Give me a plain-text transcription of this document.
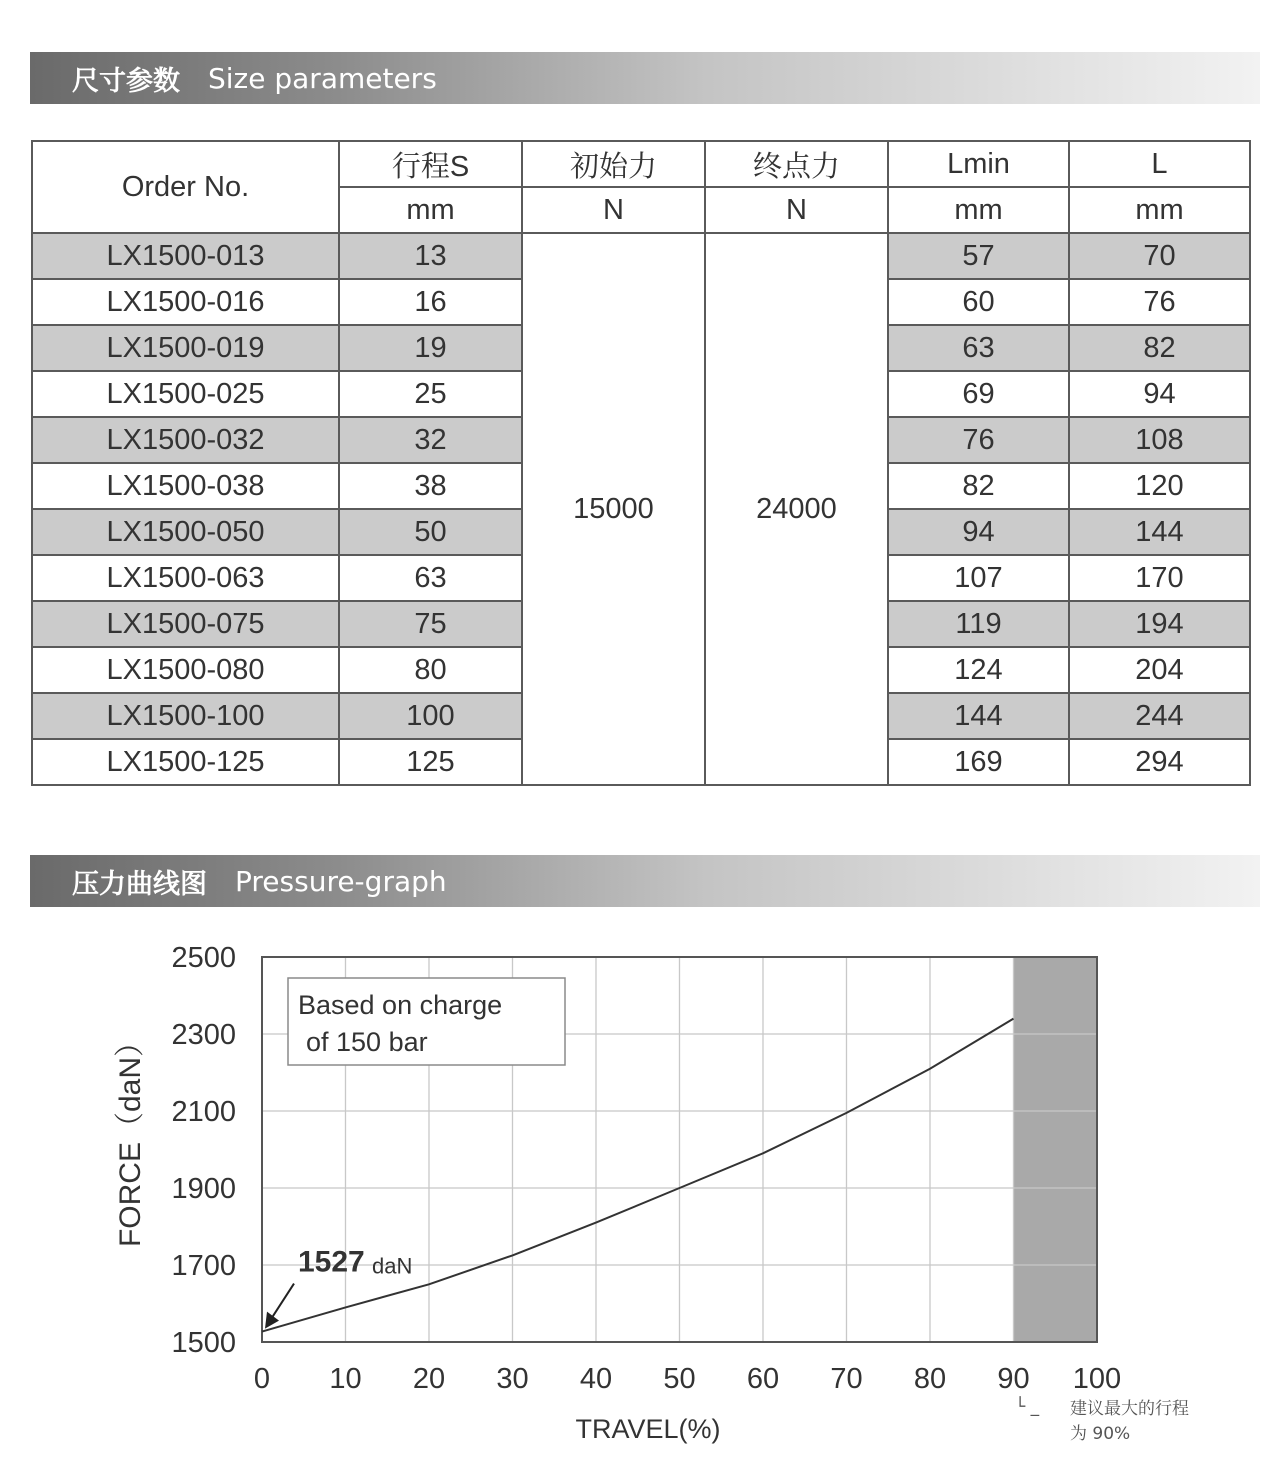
尺寸参数 Size parameters
Order No.	行程S	初始力	终点力	Lmin	L
	mm	N	N	mm	mm
LX1500-013	13	15000	24000	57	70
LX1500-016	16			60	76
LX1500-019	19			63	82
LX1500-025	25			69	94
LX1500-032	32			76	108
LX1500-038	38			82	120
LX1500-050	50			94	144
LX1500-063	63			107	170
LX1500-075	75			119	194
LX1500-080	80			124	204
LX1500-100	100			144	244
LX1500-125	125			169	294
压力曲线图 Pressure-graph
Based on charge
of 150 bar
1527 daN
0 10 20 30 40 50 60 70 80 90 100
1500
1700
1900
2100
2300
2500
FORCE（daN）
TRAVEL(%)
└ _ 建议最大的行程
为 90%
